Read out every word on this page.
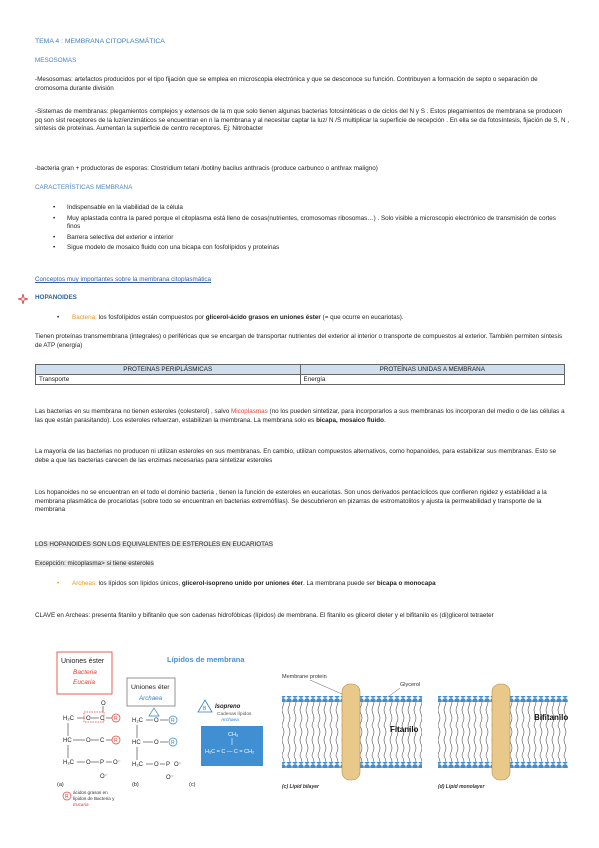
TEMA 4 : MEMBRANA CITOPLASMÁTICA
MESOSOMAS
-Mesosomas: artefactos producidos por el tipo fijación que se emplea en microscopia electrónica y que se desconoce su función. Contribuyen a formación de septo o separación de cromosoma durante división
-Sistemas de membranas: plegamientos complejos y extensos de la m que solo tienen algunas bacterias fotosintéticas o de ciclos del N y S . Estos plegamientos de membrana se producen pq son sist receptores de la luz/enzimáticos se encuentran en n la membrana y al necesitar captar la luz/ N /S multiplicar la superficie de recepción . En ella se da fotosíntesis, fijación de S, N , síntesis de proteínas. Aumentan la superficie de centro receptores. Ej: Nitrobacter
-bacteria gran + productoras de esporas: Clostridium tetani /botilny bacilus anthracis (produce carbunco o anthrax maligno)
CARACTERÍSTICAS MEMBRANA
• Indispensable en la viabilidad de la célula
• Muy aplastada contra la pared porque el citoplasma está lleno de cosas(nutrientes, cromosomas ribosomas…) . Solo visible a microscopio electrónico de transmisión de cortes finos
• Barrera selectiva del exterior e interior
• Sigue modelo de mosaico fluido con una bicapa con fosfolípidos y proteínas
Conceptos muy importantes sobre la membrana citoplasmática
HOPANOIDES
• Bacteria: los fosfolípidos están compuestos por glicerol-ácido grasos en uniones éster (= que ocurre en eucariotas).
Tienen proteínas transmembrana (integrales) o periféricas que se encargan de transportar nutrientes del exterior al interior o transporte de compuestos al exterior. También permiten síntesis de ATP (energía)
PROTEINAS PERIPLÁSMICAS	PROTEÍNAS UNIDAS A MEMBRANA
Transporte	Energía
Las bacterias en su membrana no tienen esteroles (colesterol) , salvo Micoplasmas (no los pueden sintetizar, para incorporarlos a sus membranas los incorporan del medio o de las células a las que están parasitando). Los esteroles refuerzan, estabilizan la membrana. La membrana solo es bicapa, mosaico fluido.
La mayoría de las bacterias no producen ni utilizan esteroles en sus membranas. En cambio, utilizan compuestos alternativos, como hopanoides, para estabilizar sus membranas. Esto se debe a que las bacterias carecen de las enzimas necesarias para sintetizar esteroles
Los hopanoides no se encuentran en el todo el dominio bacteria , tienen la función de esteroles en eucariotas. Son unos derivados pentacíclicos que confieren rigidez y estabilidad a la membrana plasmática de procariotas (sobre todo se encuentran en bacterias extremófilas). Se descubrieron en pizarras de estromatolitos y ajusta la permeabilidad y transporte de la membrana
LOS HOPANOIDES SON LOS EQUIVALENTES DE ESTEROLES EN EUCARIOTAS
Excepción: micoplasma> si tiene esteroles
• Archeas: los lípidos son lípidos únicos, glicerol-isopreno unido por uniones éter. La membrana puede ser bicapa o monocapa
CLAVE en Archeas: presenta fitanilo y bifitanilo que son cadenas hidrofóbicas (lípidos) de membrana. El fitanilo es glicerol dieter y el bifitanilo es (di)glicerol tetraeter
Lípidos de membrana
Uniones éster
Bacteria
Eucaria
Uniones éter
Archaea
H₂C
HC
H₂C
O C
O
R
O C R
O P O⁻
O⁻
(a)
H₂C O R
HC O R
H₂C O P O⁻
O⁻
(b)
B Isopreno
Cadenas lípidos
Archaea
CH₃
H₂C = C — C = CH₂
(c)
R
ácidos grasos en
lípidos de Bacteria y
Eucaria
Membrane protein
Glycerol
Fitanilo
(c) Lipid bilayer
Bifitanilo
(d) Lipid monolayer
